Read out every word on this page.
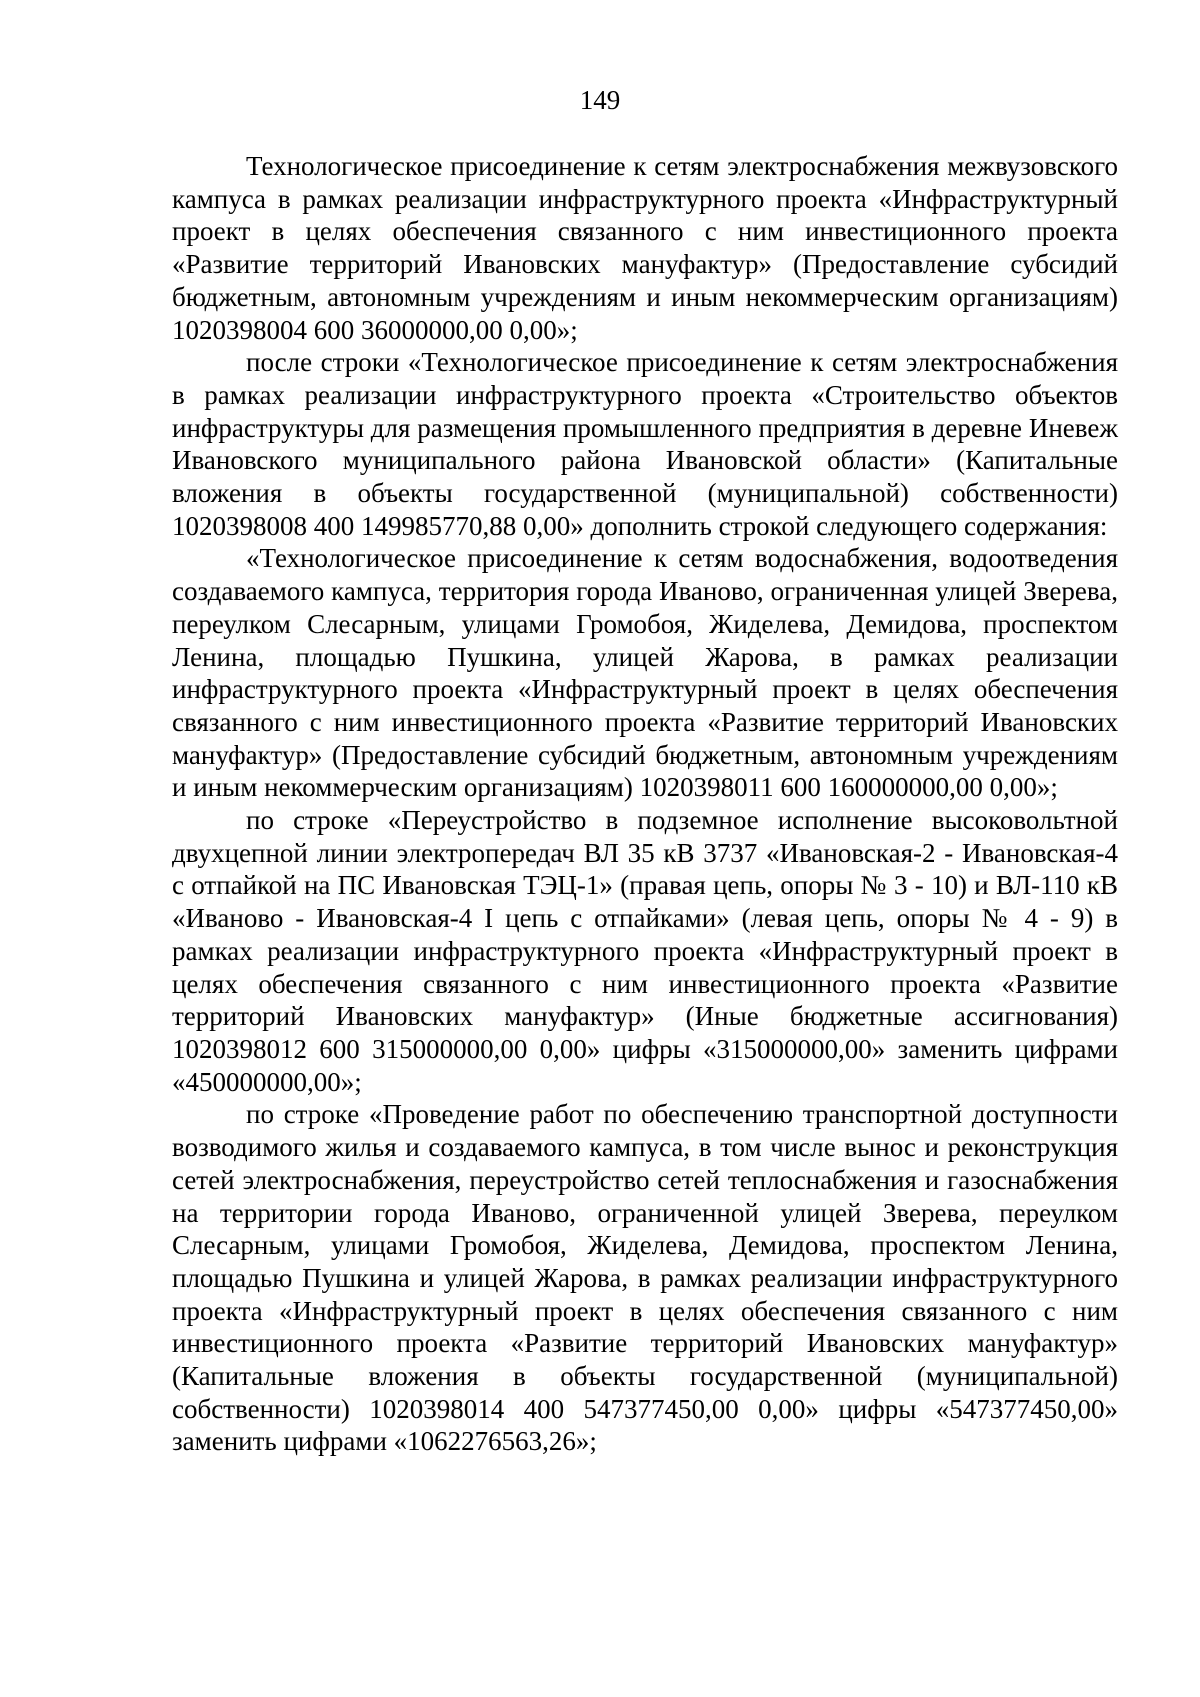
149

Технологическое присоединение к сетям электроснабжения межвузовского кампуса в рамках реализации инфраструктурного проекта «Инфраструктурный проект в целях обеспечения связанного с ним инвестиционного проекта «Развитие территорий Ивановских мануфактур» (Предоставление субсидий бюджетным, автономным учреждениям и иным некоммерческим организациям) 1020398004 600 36000000,00 0,00»;

после строки «Технологическое присоединение к сетям электроснабжения в рамках реализации инфраструктурного проекта «Строительство объектов инфраструктуры для размещения промышленного предприятия в деревне Иневеж Ивановского муниципального района Ивановской области» (Капитальные вложения в объекты государственной (муниципальной) собственности) 1020398008 400 149985770,88 0,00» дополнить строкой следующего содержания:

«Технологическое присоединение к сетям водоснабжения, водоотведения создаваемого кампуса, территория города Иваново, ограниченная улицей Зверева, переулком Слесарным, улицами Громобоя, Жиделева, Демидова, проспектом Ленина, площадью Пушкина, улицей Жарова, в рамках реализации инфраструктурного проекта «Инфраструктурный проект в целях обеспечения связанного с ним инвестиционного проекта «Развитие территорий Ивановских мануфактур» (Предоставление субсидий бюджетным, автономным учреждениям и иным некоммерческим организациям) 1020398011 600 160000000,00 0,00»;

по строке «Переустройство в подземное исполнение высоковольтной двухцепной линии электропередач ВЛ 35 кВ 3737 «Ивановская-2 - Ивановская-4 с отпайкой на ПС Ивановская ТЭЦ-1» (правая цепь, опоры № 3 - 10) и ВЛ-110 кВ «Иваново - Ивановская-4 I цепь с отпайками» (левая цепь, опоры № 4 - 9) в рамках реализации инфраструктурного проекта «Инфраструктурный проект в целях обеспечения связанного с ним инвестиционного проекта «Развитие территорий Ивановских мануфактур» (Иные бюджетные ассигнования) 1020398012 600 315000000,00 0,00» цифры «315000000,00» заменить цифрами «450000000,00»;

по строке «Проведение работ по обеспечению транспортной доступности возводимого жилья и создаваемого кампуса, в том числе вынос и реконструкция сетей электроснабжения, переустройство сетей теплоснабжения и газоснабжения на территории города Иваново, ограниченной улицей Зверева, переулком Слесарным, улицами Громобоя, Жиделева, Демидова, проспектом Ленина, площадью Пушкина и улицей Жарова, в рамках реализации инфраструктурного проекта «Инфраструктурный проект в целях обеспечения связанного с ним инвестиционного проекта «Развитие территорий Ивановских мануфактур» (Капитальные вложения в объекты государственной (муниципальной) собственности) 1020398014 400 547377450,00 0,00» цифры «547377450,00» заменить цифрами «1062276563,26»;
